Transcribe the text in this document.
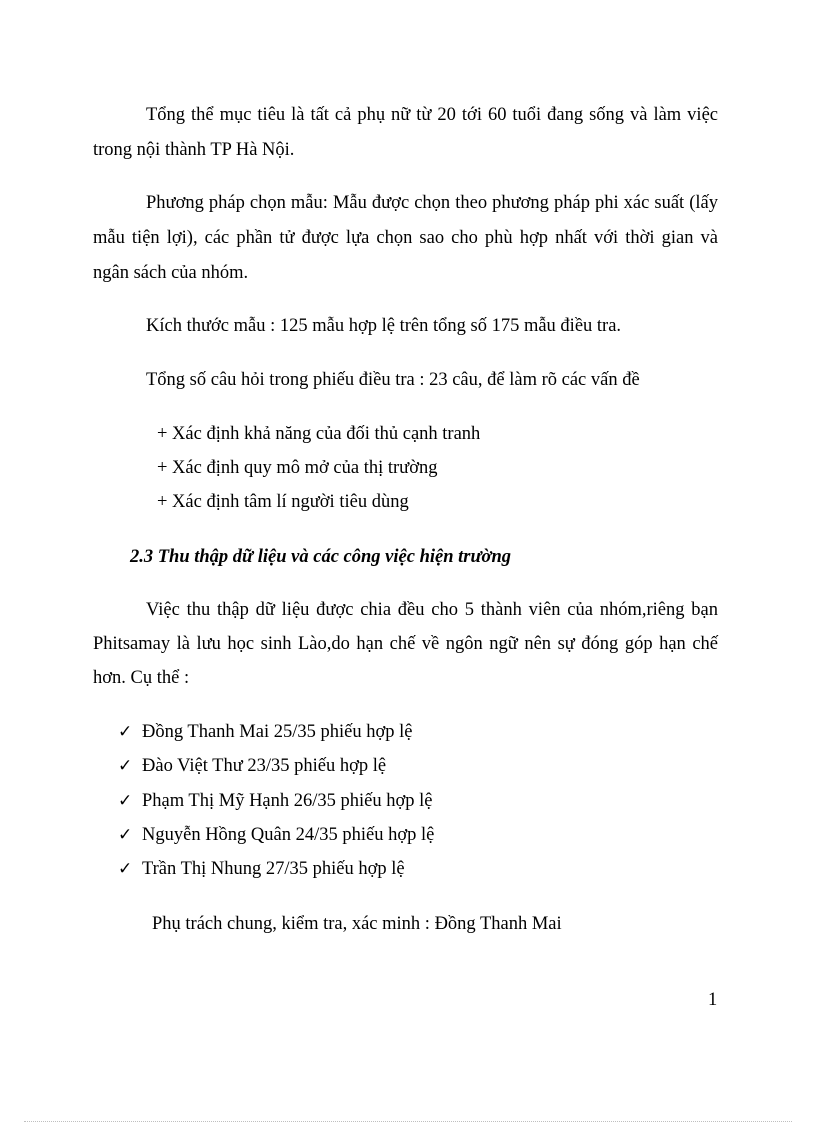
Tổng thể mục tiêu là tất cả phụ nữ từ 20 tới 60 tuổi đang sống và làm việc
trong nội thành TP Hà Nội.
Phương pháp chọn mẫu: Mẫu được chọn theo phương pháp phi xác suất (lấy
mẫu tiện lợi), các phần tử được lựa chọn sao cho phù hợp nhất với thời gian và
ngân sách của nhóm.
Kích thước mẫu : 125 mẫu hợp lệ trên tổng số 175 mẫu điều tra.
Tổng số câu hỏi trong phiếu điều tra : 23 câu, để làm rõ các vấn đề
+ Xác định khả năng của đối thủ cạnh tranh
+ Xác định quy mô mở của thị trường
+ Xác định tâm lí người tiêu dùng
2.3 Thu thập dữ liệu và các công việc hiện trường
Việc thu thập dữ liệu được chia đều cho 5 thành viên của nhóm,riêng bạn
Phitsamay là lưu học sinh Lào,do hạn chế về ngôn ngữ nên sự đóng góp hạn chế
hơn. Cụ thể :
✓ Đồng Thanh Mai 25/35 phiếu hợp lệ
✓ Đào Việt Thư 23/35 phiếu hợp lệ
✓ Phạm Thị Mỹ Hạnh 26/35 phiếu hợp lệ
✓ Nguyễn Hồng Quân 24/35 phiếu hợp lệ
✓ Trần Thị Nhung 27/35 phiếu hợp lệ
Phụ trách chung, kiểm tra, xác minh : Đồng Thanh Mai
1
